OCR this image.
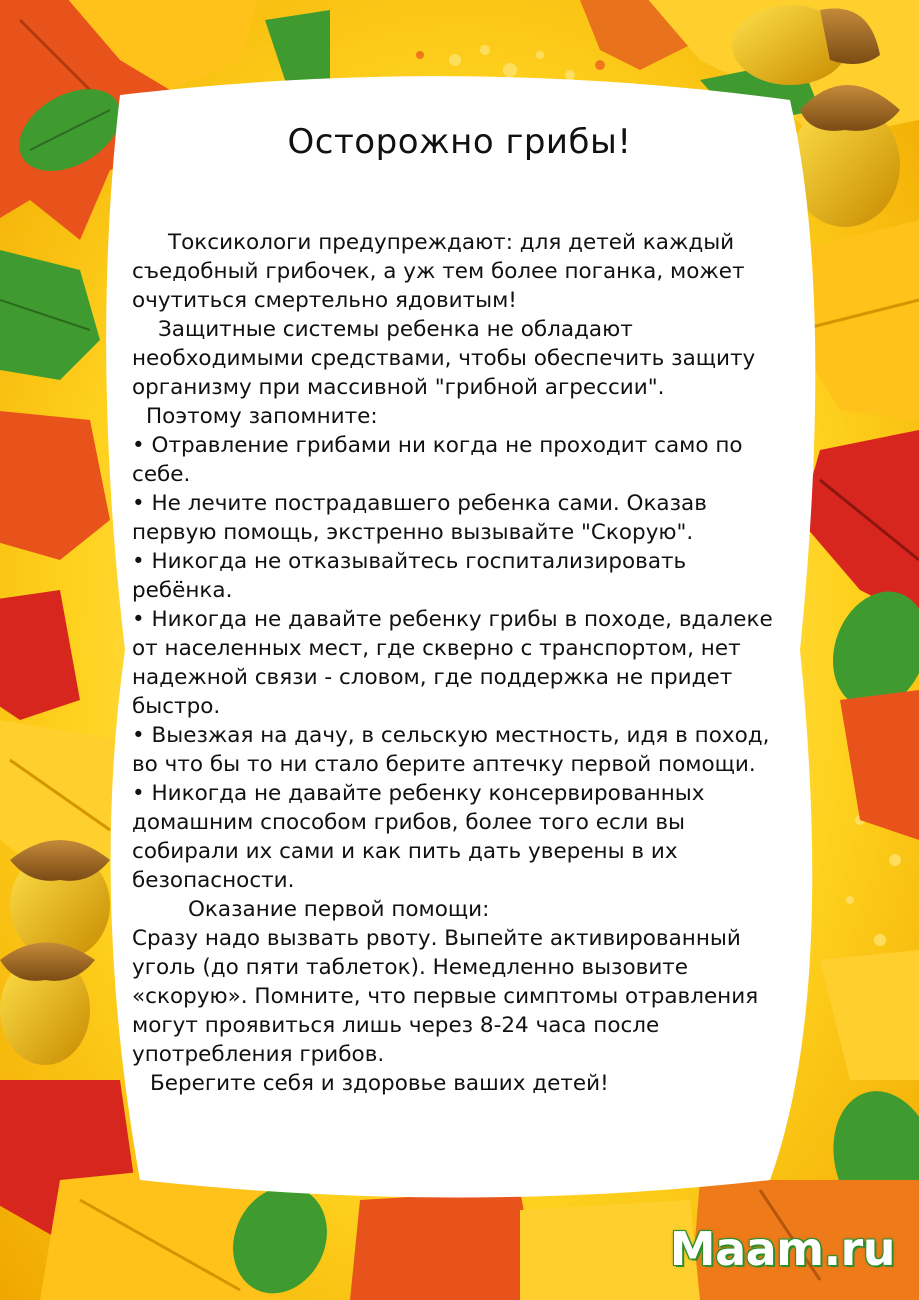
Осторожно грибы!

Токсикологи предупреждают: для детей каждый съедобный грибочек, а уж тем более поганка, может очутиться смертельно ядовитым!

Защитные системы ребенка не обладают необходимыми средствами, чтобы обеспечить защиту организму при массивной "грибной агрессии".

Поэтому запомните:

• Отравление грибами ни когда не проходит само по себе.

• Не лечите пострадавшего ребенка сами. Оказав первую помощь, экстренно вызывайте "Скорую".

• Никогда не отказывайтесь госпитализировать ребёнка.

• Никогда не давайте ребенку грибы в походе, вдалеке от населенных мест, где скверно с транспортом, нет надежной связи - словом, где поддержка не придет быстро.

• Выезжая на дачу, в сельскую местность, идя в поход, во что бы то ни стало берите аптечку первой помощи.

• Никогда не давайте ребенку консервированных домашним способом грибов, более того если вы собирали их сами и как пить дать уверены в их безопасности.

Оказание первой помощи:

Сразу надо вызвать рвоту. Выпейте активированный уголь (до пяти таблеток). Немедленно вызовите «скорую». Помните, что первые симптомы отравления могут проявиться лишь через 8-24 часа после употребления грибов.

Берегите себя и здоровье ваших детей!

Maam.ru
